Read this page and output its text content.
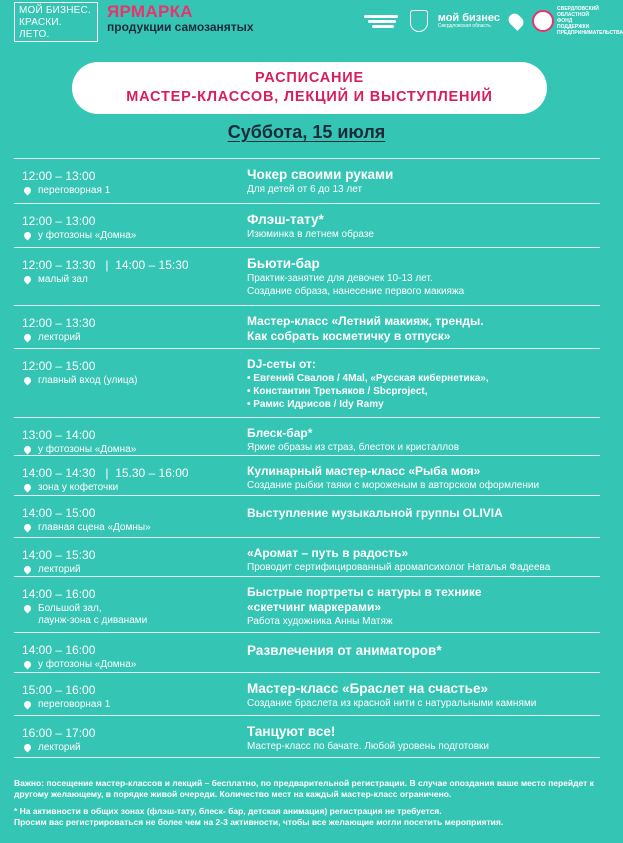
МОЙ БИЗНЕС.
КРАСКИ.
ЛЕТО.
ЯРМАРКА
продукции самозанятых
мой бизнес
Свердловская область
СВЕРДЛОВСКИЙ ОБЛАСТНОЙ ФОНД ПОДДЕРЖКИ ПРЕДПРИНИМАТЕЛЬСТВА
РАСПИСАНИЕ
МАСТЕР-КЛАССОВ, ЛЕКЦИЙ И ВЫСТУПЛЕНИЙ
Суббота, 15 июля
12:00 – 13:00
переговорная 1
Чокер своими руками
Для детей от 6 до 13 лет
12:00 – 13:00
у фотозоны «Домна»
Флэш-тату*
Изюминка в летнем образе
12:00 – 13:30   |  14:00 – 15:30
малый зал
Бьюти-бар
Практик-занятие для девочек 10-13 лет.
Создание образа, нанесение первого макияжа
12:00 – 13:30
лекторий
Мастер-класс «Летний макияж, тренды.
Как собрать косметичку в отпуск»
12:00 – 15:00
главный вход (улица)
DJ-сеты от:
• Евгений Свалов / 4Mal, «Русская кибернетика»,
• Константин Третьяков / Sbcproject,
• Рамис Идрисов / Idy Ramy
13:00 – 14:00
у фотозоны «Домна»
Блеск-бар*
Яркие образы из страз, блесток и кристаллов
14:00 – 14:30   |  15.30 – 16:00
зона у кофеточки
Кулинарный мастер-класс «Рыба моя»
Создание рыбки таяки с мороженым в авторском оформлении
14:00 – 15:00
главная сцена «Домны»
Выступление музыкальной группы OLIVIA
14:00 – 15:30
лекторий
«Аромат – путь в радость»
Проводит сертифицированный аромапсихолог Наталья Фадеева
14:00 – 16:00
Большой зал,
лаунж-зона с диванами
Быстрые портреты с натуры в технике
«скетчинг маркерами»
Работа художника Анны Матяж
14:00 – 16:00
у фотозоны «Домна»
Развлечения от аниматоров*
15:00 – 16:00
переговорная 1
Мастер-класс «Браслет на счастье»
Создание браслета из красной нити с натуральными камнями
16:00 – 17:00
лекторий
Танцуют все!
Мастер-класс по бачате. Любой уровень подготовки

Важно: посещение мастер-классов и лекций – бесплатно, по предварительной регистрации. В случае опоздания ваше место перейдет к другому желающему, в порядке живой очереди. Количество мест на каждый мастер-класс ограничено.

* На активности в общих зонах (флэш-тату, блеск- бар, детская анимация) регистрация не требуется.

Просим вас регистрироваться не более чем на 2-3 активности, чтобы все желающие могли посетить мероприятия.
